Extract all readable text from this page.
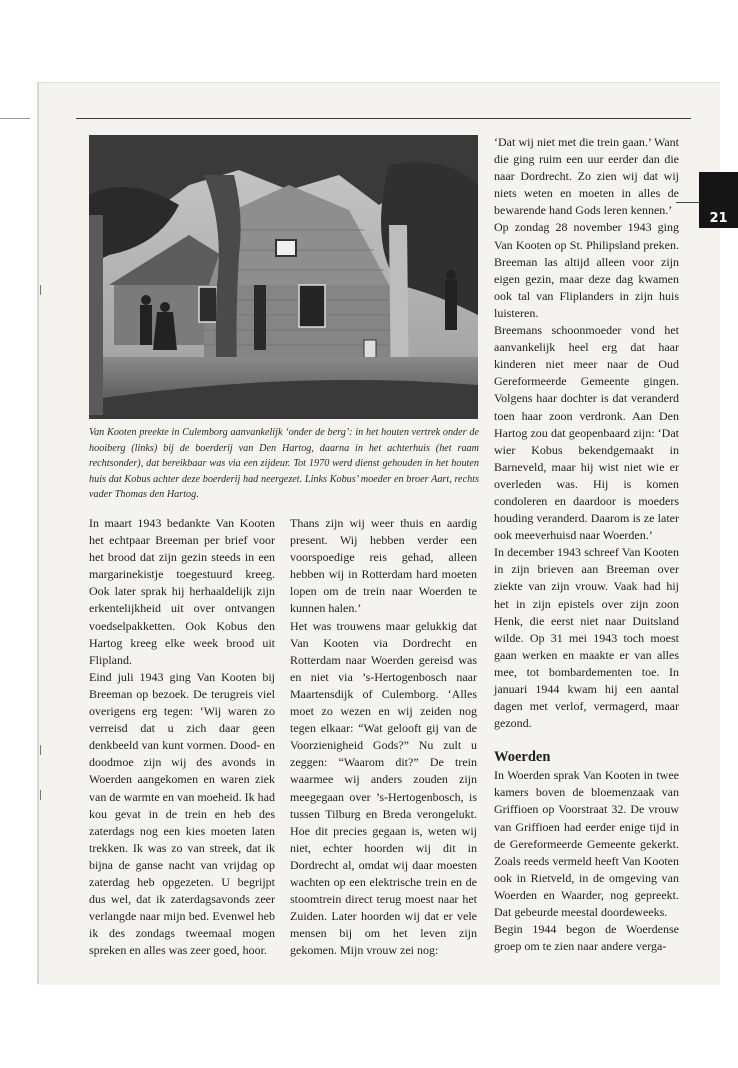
21
Van Kooten preekte in Culemborg aanvankelijk ‘onder de berg’: in het houten vertrek onder de hooiberg (links) bij de boerderij van Den Hartog, daarna in het achterhuis (het raam rechtsonder), dat bereikbaar was via een zijdeur. Tot 1970 werd dienst gehouden in het houten huis dat Kobus achter deze boerderij had neergezet. Links Kobus’ moeder en broer Aart, rechts vader Thomas den Hartog.

In maart 1943 bedankte Van Kooten het echtpaar Breeman per brief voor het brood dat zijn gezin steeds in een margarinekistje toegestuurd kreeg. Ook later sprak hij herhaaldelijk zijn erkentelijkheid uit over ontvangen voedselpakketten. Ook Kobus den Hartog kreeg elke week brood uit Flipland.

Eind juli 1943 ging Van Kooten bij Breeman op bezoek. De terugreis viel overigens erg tegen: ‘Wij waren zo verreisd dat u zich daar geen denkbeeld van kunt vormen. Dood- en doodmoe zijn wij des avonds in Woerden aangekomen en waren ziek van de warmte en van moeheid. Ik had kou gevat in de trein en heb des zaterdags nog een kies moeten laten trekken. Ik was zo van streek, dat ik bijna de ganse nacht van vrijdag op zaterdag heb opgezeten. U begrijpt dus wel, dat ik zaterdagsavonds zeer verlangde naar mijn bed. Evenwel heb ik des zondags tweemaal mogen spreken en alles was zeer goed, hoor.

Thans zijn wij weer thuis en aardig present. Wij hebben verder een voorspoedige reis gehad, alleen hebben wij in Rotterdam hard moeten lopen om de trein naar Woerden te kunnen halen.’

Het was trouwens maar gelukkig dat Van Kooten via Dordrecht en Rotterdam naar Woerden gereisd was en niet via ’s-Hertogenbosch naar Maartensdijk of Culemborg. ‘Alles moet zo wezen en wij zeiden nog tegen elkaar: “Wat gelooft gij van de Voorzienigheid Gods?” Nu zult u zeggen: “Waarom dit?” De trein waarmee wij anders zouden zijn meegegaan over ’s-Hertogenbosch, is tussen Tilburg en Breda verongelukt. Hoe dit precies gegaan is, weten wij niet, echter hoorden wij dit in Dordrecht al, omdat wij daar moesten wachten op een elektrische trein en de stoomtrein direct terug moest naar het Zuiden. Later hoorden wij dat er vele mensen bij om het leven zijn gekomen. Mijn vrouw zei nog:

‘Dat wij niet met die trein gaan.’ Want die ging ruim een uur eerder dan die naar Dordrecht. Zo zien wij dat wij niets weten en moeten in alles de bewarende hand Gods leren kennen.’

Op zondag 28 november 1943 ging Van Kooten op St. Philipsland preken. Breeman las altijd alleen voor zijn eigen gezin, maar deze dag kwamen ook tal van Fliplanders in zijn huis luisteren.

Breemans schoonmoeder vond het aanvankelijk heel erg dat haar kinderen niet meer naar de Oud Gereformeerde Gemeente gingen. Volgens haar dochter is dat veranderd toen haar zoon verdronk. Aan Den Hartog zou dat geopenbaard zijn: ‘Dat wier Kobus bekendgemaakt in Barneveld, maar hij wist niet wie er overleden was. Hij is komen condoleren en daardoor is moeders houding veranderd. Daarom is ze later ook meeverhuisd naar Woerden.’

In december 1943 schreef Van Kooten in zijn brieven aan Breeman over ziekte van zijn vrouw. Vaak had hij het in zijn epistels over zijn zoon Henk, die eerst niet naar Duitsland wilde. Op 31 mei 1943 toch moest gaan werken en maakte er van alles mee, tot bombardementen toe. In januari 1944 kwam hij een aantal dagen met verlof, vermagerd, maar gezond.

Woerden

In Woerden sprak Van Kooten in twee kamers boven de bloemenzaak van Griffioen op Voorstraat 32. De vrouw van Griffioen had eerder enige tijd in de Gereformeerde Gemeente gekerkt. Zoals reeds vermeld heeft Van Kooten ook in Rietveld, in de omgeving van Woerden en Waarder, nog gepreekt. Dat gebeurde meestal doordeweeks.

Begin 1944 begon de Woerdense groep om te zien naar andere verga-
